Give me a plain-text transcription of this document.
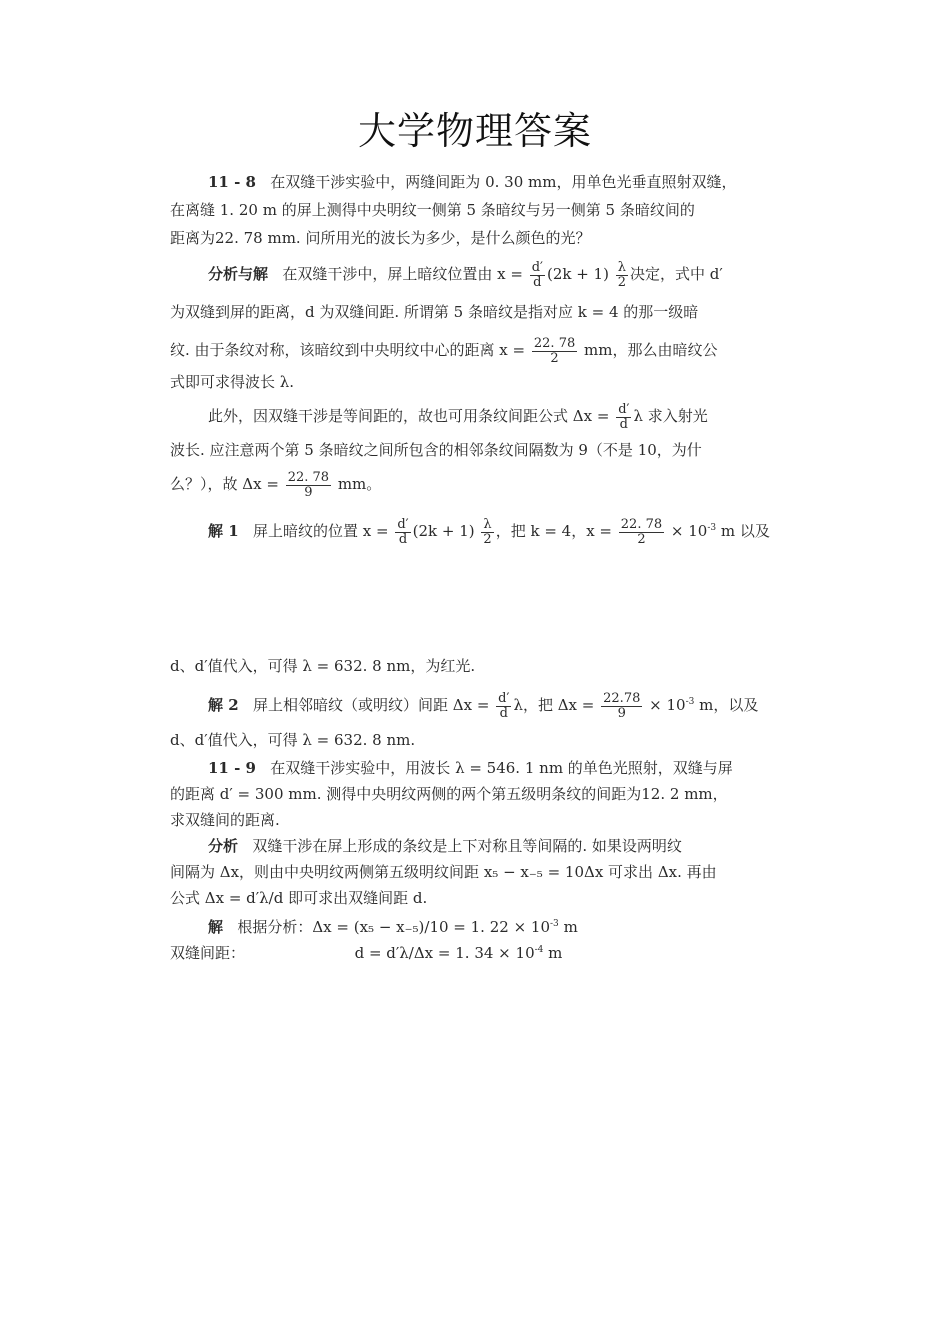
大学物理答案
11 - 8 在双缝干涉实验中，两缝间距为 0. 30 mm，用单色光垂直照射双缝，
在离缝 1. 20 m 的屏上测得中央明纹一侧第 5 条暗纹与另一侧第 5 条暗纹间的
距离为22. 78 mm. 问所用光的波长为多少，是什么颜色的光？
分析与解 在双缝干涉中，屏上暗纹位置由 $x = \frac{d'}{d} (2k + 1) \frac{\lambda}{2}$ 决定，式中 d′
为双缝到屏的距离，d 为双缝间距. 所谓第 5 条暗纹是指对应 k = 4 的那一级暗
纹. 由于条纹对称，该暗纹到中央明纹中心的距离 $x = \frac{22. 78}{2}$ mm，那么由暗纹公
式即可求得波长 λ.
此外，因双缝干涉是等间距的，故也可用条纹间距公式 $\Delta x = \frac{d'}{d}$ λ 求入射光
波长. 应注意两个第 5 条暗纹之间所包含的相邻条纹间隔数为 9（不是 10，为什
么？），故 $\Delta x = \frac{22. 78}{9}$ mm。
解 1 屏上暗纹的位置 $x = \frac{d'}{d} (2k + 1) \frac{\lambda}{2}$ ，把 k = 4，$x = \frac{22. 78}{2} \times 10^{-3}$ m 以及
d、d′值代入，可得 λ = 632. 8 nm，为红光.
解 2 屏上相邻暗纹（或明纹）间距 $\Delta x = \frac{d'}{d}$ λ，把 $\Delta x = \frac{22.78}{9} \times 10^{-3}$ m，以及
d、d′值代入，可得 λ = 632. 8 nm.
11 - 9 在双缝干涉实验中，用波长 λ = 546. 1 nm 的单色光照射，双缝与屏
的距离 d′ = 300 mm. 测得中央明纹两侧的两个第五级明条纹的间距为12. 2 mm，
求双缝间的距离.
分析 双缝干涉在屏上形成的条纹是上下对称且等间隔的. 如果设两明纹
间隔为 Δx，则由中央明纹两侧第五级明纹间距 x₅ − x₋₅ = 10Δx 可求出 Δx. 再由
公式 Δx = d′λ/d 即可求出双缝间距 d.
解 根据分析：Δx = (x₅ − x₋₅)/10 = 1. $22 \times 10^{-3}$ m
双缝间距：	d = d′λ/Δx = 1. $34 \times 10^{-4}$ m
